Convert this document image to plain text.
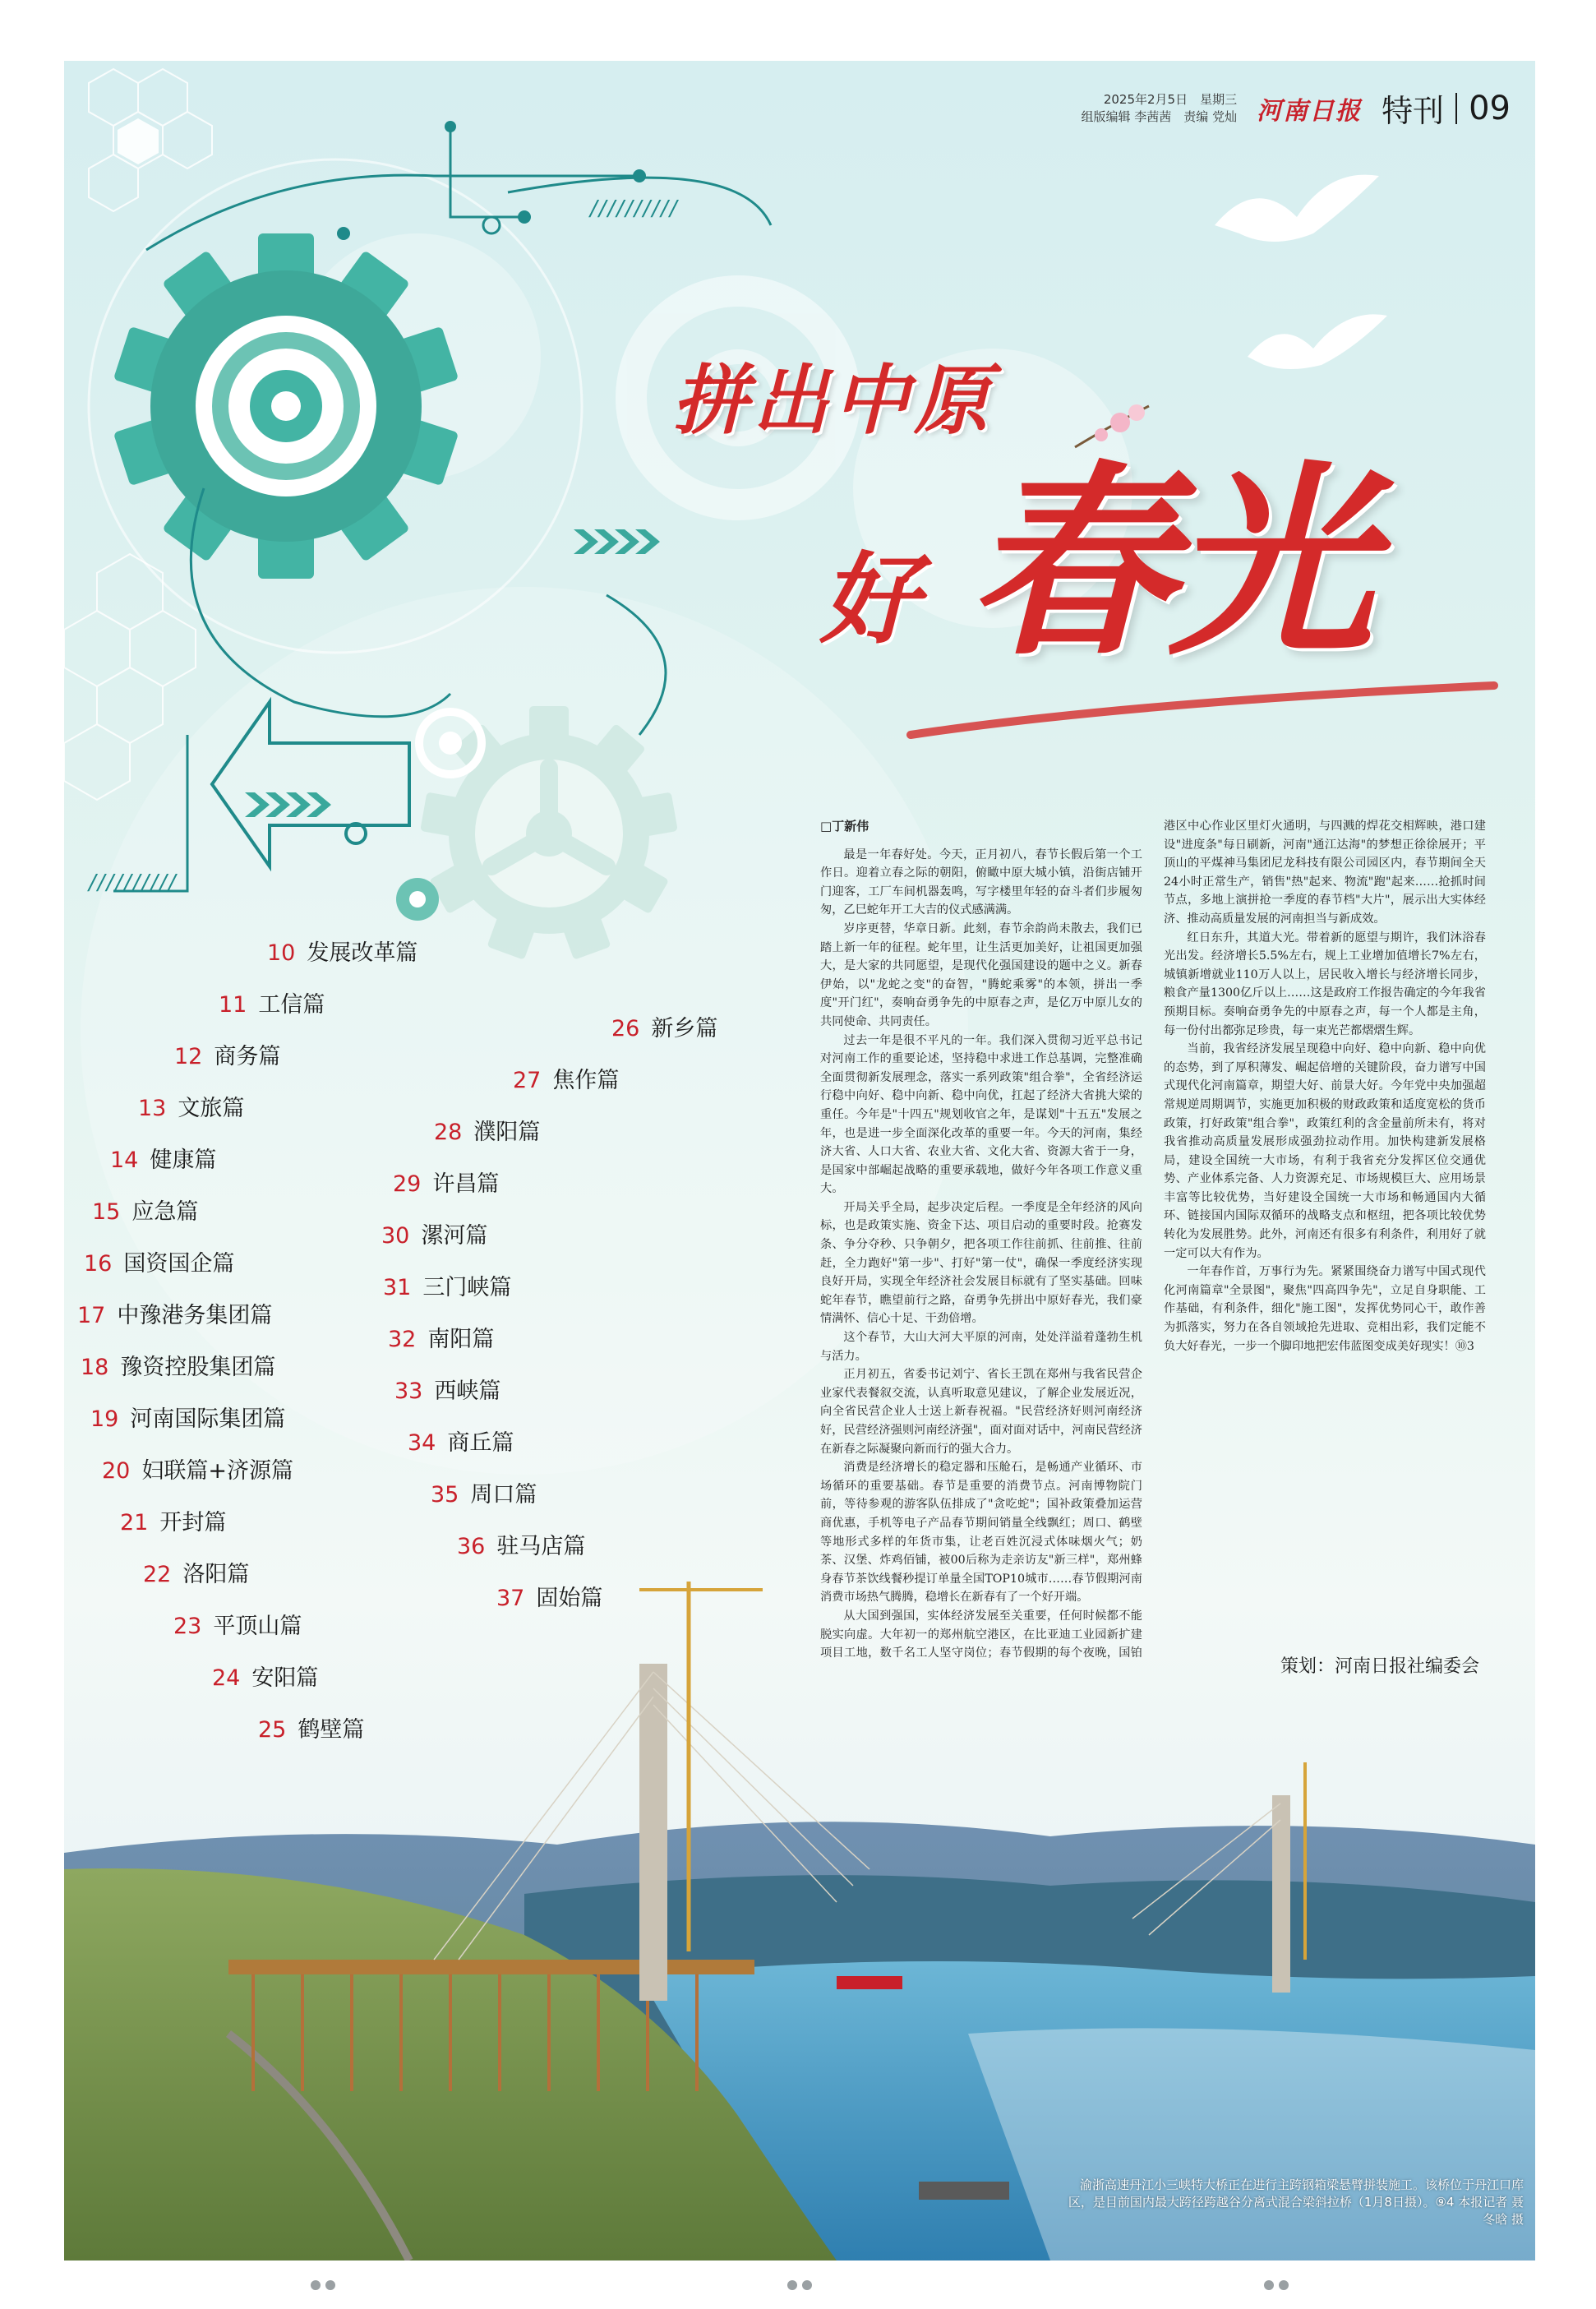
2025年2月5日　星期三
组版编辑 李茜茜　责编 党灿 河南日报 特刊 09
//////////
//////////
拼出中原
好 春光
10 发展改革篇
11 工信篇
12 商务篇
13 文旅篇
14 健康篇
15 应急篇
16 国资国企篇
17 中豫港务集团篇
18 豫资控股集团篇
19 河南国际集团篇
20 妇联篇+济源篇
21 开封篇
22 洛阳篇
23 平顶山篇
24 安阳篇
25 鹤壁篇
26 新乡篇
27 焦作篇
28 濮阳篇
29 许昌篇
30 漯河篇
31 三门峡篇
32 南阳篇
33 西峡篇
34 商丘篇
35 周口篇
36 驻马店篇
37 固始篇

□丁新伟

最是一年春好处。今天，正月初八，春节长假后第一个工作日。迎着立春之际的朝阳，俯瞰中原大城小镇，沿街店铺开门迎客，工厂车间机器轰鸣，写字楼里年轻的奋斗者们步履匆匆，乙巳蛇年开工大吉的仪式感满满。

岁序更替，华章日新。此刻，春节余韵尚未散去，我们已踏上新一年的征程。蛇年里，让生活更加美好，让祖国更加强大，是大家的共同愿望，是现代化强国建设的题中之义。新春伊始，以"龙蛇之变"的奋智，"腾蛇乘雾"的本领，拼出一季度"开门红"，奏响奋勇争先的中原春之声，是亿万中原儿女的共同使命、共同责任。

过去一年是很不平凡的一年。我们深入贯彻习近平总书记对河南工作的重要论述，坚持稳中求进工作总基调，完整准确全面贯彻新发展理念，落实一系列政策"组合拳"，全省经济运行稳中向好、稳中向新、稳中向优，扛起了经济大省挑大梁的重任。今年是"十四五"规划收官之年，是谋划"十五五"发展之年，也是进一步全面深化改革的重要一年。今天的河南，集经济大省、人口大省、农业大省、文化大省、资源大省于一身，是国家中部崛起战略的重要承载地，做好今年各项工作意义重大。

开局关乎全局，起步决定后程。一季度是全年经济的风向标，也是政策实施、资金下达、项目启动的重要时段。抢赛发条、争分夺秒、只争朝夕，把各项工作往前抓、往前推、往前赶，全力跑好"第一步"、打好"第一仗"，确保一季度经济实现良好开局，实现全年经济社会发展目标就有了坚实基础。回味蛇年春节，瞧望前行之路，奋勇争先拼出中原好春光，我们豪情满怀、信心十足、干劲倍增。

这个春节，大山大河大平原的河南，处处洋溢着蓬勃生机与活力。

正月初五，省委书记刘宁、省长王凯在郑州与我省民营企业家代表餐叙交流，认真听取意见建议，了解企业发展近况，向全省民营企业人士送上新春祝福。"民营经济好则河南经济好，民营经济强则河南经济强"，面对面对话中，河南民营经济在新春之际凝聚向新而行的强大合力。

消费是经济增长的稳定器和压舱石，是畅通产业循环、市场循环的重要基础。春节是重要的消费节点。河南博物院门前，等待参观的游客队伍排成了"贪吃蛇"；国补政策叠加运营商优惠，手机等电子产品春节期间销量全线飘红；周口、鹤壁等地形式多样的年货市集，让老百姓沉浸式体味烟火气；奶茶、汉堡、炸鸡佰铺，被00后称为走亲访友"新三样"，郑州蜂身春节茶饮线餐秒提订单量全国TOP10城市……春节假期河南消费市场热气腾腾，稳增长在新春有了一个好开端。

从大国到强国，实体经济发展至关重要，任何时候都不能脱实向虚。大年初一的郑州航空港区，在比亚迪工业园新扩建项目工地，数千名工人坚守岗位；春节假期的每个夜晚，国铂港区中心作业区里灯火通明，与四溅的焊花交相辉映，港口建设"进度条"每日刷新，河南"通江达海"的梦想正徐徐展开；平顶山的平煤神马集团尼龙科技有限公司园区内，春节期间全天24小时正常生产，销售"热"起来、物流"跑"起来……抢抓时间节点，多地上演拼抢一季度的春节档"大片"，展示出大实体经济、推动高质量发展的河南担当与新成效。

红日东升，其道大光。带着新的愿望与期许，我们沐浴春光出发。经济增长5.5%左右，规上工业增加值增长7%左右，城镇新增就业110万人以上，居民收入增长与经济增长同步，粮食产量1300亿斤以上……这是政府工作报告确定的今年我省预期目标。奏响奋勇争先的中原春之声，每一个人都是主角，每一份付出都弥足珍贵，每一束光芒都熠熠生辉。

当前，我省经济发展呈现稳中向好、稳中向新、稳中向优的态势，到了厚积薄发、崛起倍增的关键阶段，奋力谱写中国式现代化河南篇章，期望大好、前景大好。今年党中央加强超常规逆周期调节，实施更加积极的财政政策和适度宽松的货币政策，打好政策"组合拳"，政策红利的含金量前所未有，将对我省推动高质量发展形成强劲拉动作用。加快构建新发展格局，建设全国统一大市场，有利于我省充分发挥区位交通优势、产业体系完备、人力资源充足、市场规模巨大、应用场景丰富等比较优势，当好建设全国统一大市场和畅通国内大循环、链接国内国际双循环的战略支点和枢纽，把各项比较优势转化为发展胜势。此外，河南还有很多有利条件，利用好了就一定可以大有作为。

一年春作首，万事行为先。紧紧围绕奋力谱写中国式现代化河南篇章"全景图"，聚焦"四高四争先"，立足自身职能、工作基础，有利条件，细化"施工图"，发挥优势同心干，敢作善为抓落实，努力在各自领域抢先进取、竞相出彩，我们定能不负大好春光，一步一个脚印地把宏伟蓝图变成美好现实！⑩3

策划：河南日报社编委会
渝浙高速丹江小三峡特大桥正在进行主跨钢箱梁悬臂拼装施工。该桥位于丹江口库区，是目前国内最大跨径跨越谷分离式混合梁斜拉桥（1月8日摄）。⑨4 本报记者 聂冬晗 摄
